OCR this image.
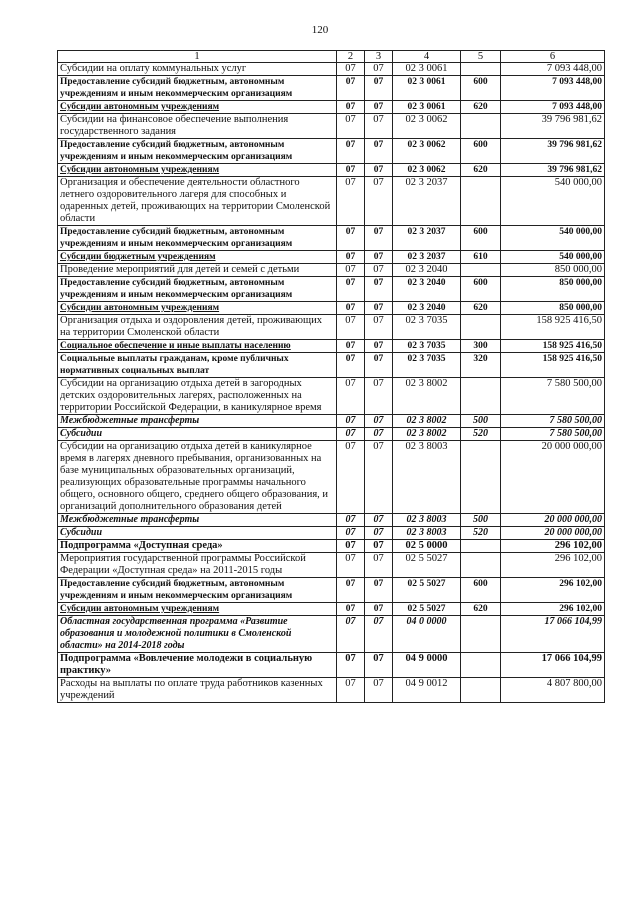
120
1	2	3	4	5	6
Субсидии на оплату коммунальных услуг	07	07	02 3 0061		7 093 448,00
Предоставление субсидий бюджетным, автономным учреждениям и иным некоммерческим организациям	07	07	02 3 0061	600	7 093 448,00
Субсидии автономным учреждениям	07	07	02 3 0061	620	7 093 448,00
Субсидии на финансовое обеспечение выполнения государственного задания	07	07	02 3 0062		39 796 981,62
Предоставление субсидий бюджетным, автономным учреждениям и иным некоммерческим организациям	07	07	02 3 0062	600	39 796 981,62
Субсидии автономным учреждениям	07	07	02 3 0062	620	39 796 981,62
Организация и обеспечение деятельности областного летнего оздоровительного лагеря для способных и одаренных детей, проживающих на территории Смоленской области	07	07	02 3 2037		540 000,00
Предоставление субсидий бюджетным, автономным учреждениям и иным некоммерческим организациям	07	07	02 3 2037	600	540 000,00
Субсидии бюджетным учреждениям	07	07	02 3 2037	610	540 000,00
Проведение мероприятий для детей и семей с детьми	07	07	02 3 2040		850 000,00
Предоставление субсидий бюджетным, автономным учреждениям и иным некоммерческим организациям	07	07	02 3 2040	600	850 000,00
Субсидии автономным учреждениям	07	07	02 3 2040	620	850 000,00
Организация отдыха и оздоровления детей, проживающих на территории Смоленской области	07	07	02 3 7035		158 925 416,50
Социальное обеспечение и иные выплаты населению	07	07	02 3 7035	300	158 925 416,50
Социальные выплаты гражданам, кроме публичных нормативных социальных выплат	07	07	02 3 7035	320	158 925 416,50
Субсидии на организацию отдыха детей в загородных детских оздоровительных лагерях, расположенных на территории Российской Федерации, в каникулярное время	07	07	02 3 8002		7 580 500,00
Межбюджетные трансферты	07	07	02 3 8002	500	7 580 500,00
Субсидии	07	07	02 3 8002	520	7 580 500,00
Субсидии на организацию отдыха детей в каникулярное время в лагерях дневного пребывания, организованных на базе муниципальных образовательных организаций, реализующих образовательные программы начального общего, основного общего, среднего общего образования, и организаций дополнительного образования детей	07	07	02 3 8003		20 000 000,00
Межбюджетные трансферты	07	07	02 3 8003	500	20 000 000,00
Субсидии	07	07	02 3 8003	520	20 000 000,00
Подпрограмма «Доступная среда»	07	07	02 5 0000		296 102,00
Мероприятия государственной программы Российской Федерации «Доступная среда» на 2011-2015 годы	07	07	02 5 5027		296 102,00
Предоставление субсидий бюджетным, автономным учреждениям и иным некоммерческим организациям	07	07	02 5 5027	600	296 102,00
Субсидии автономным учреждениям	07	07	02 5 5027	620	296 102,00
Областная государственная программа «Развитие образования и молодежной политики в Смоленской области» на 2014-2018 годы	07	07	04 0 0000		17 066 104,99
Подпрограмма «Вовлечение молодежи в социальную практику»	07	07	04 9 0000		17 066 104,99
Расходы на выплаты по оплате труда работников казенных учреждений	07	07	04 9 0012		4 807 800,00
